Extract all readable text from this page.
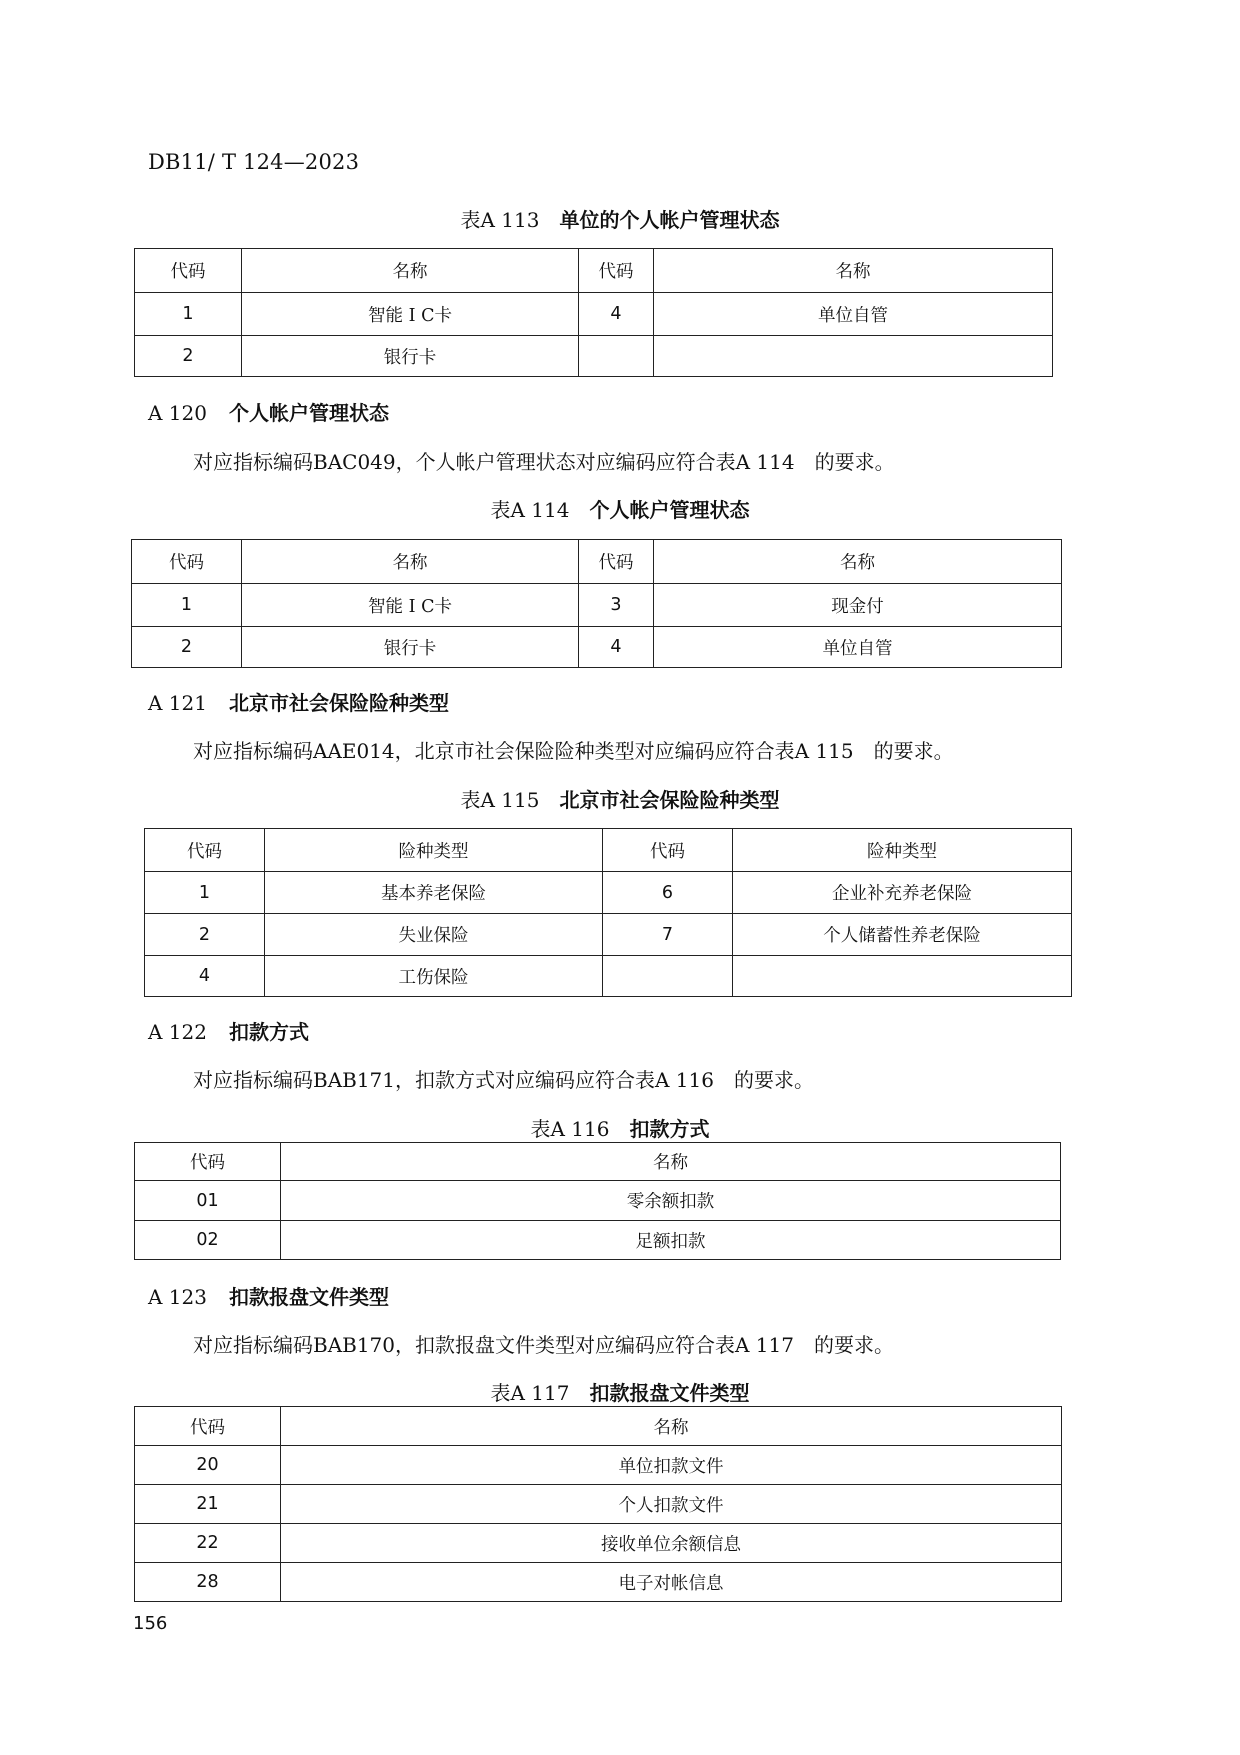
DB11/ T 124—2023
表A 113 单位的个人帐户管理状态
代码	名称	代码	名称
1	智能 I C卡	4	单位自管
2	银行卡		
A 120 个人帐户管理状态
对应指标编码BAC049，个人帐户管理状态对应编码应符合表A 114　的要求。
表A 114 个人帐户管理状态
代码	名称	代码	名称
1	智能 I C卡	3	现金付
2	银行卡	4	单位自管
A 121 北京市社会保险险种类型
对应指标编码AAE014，北京市社会保险险种类型对应编码应符合表A 115　的要求。
表A 115 北京市社会保险险种类型
代码	险种类型	代码	险种类型
1	基本养老保险	6	企业补充养老保险
2	失业保险	7	个人储蓄性养老保险
4	工伤保险		
A 122 扣款方式
对应指标编码BAB171，扣款方式对应编码应符合表A 116　的要求。
表A 116 扣款方式
代码	名称
01	零余额扣款
02	足额扣款
A 123 扣款报盘文件类型
对应指标编码BAB170，扣款报盘文件类型对应编码应符合表A 117　的要求。
表A 117 扣款报盘文件类型
代码	名称
20	单位扣款文件
21	个人扣款文件
22	接收单位余额信息
28	电子对帐信息
156
